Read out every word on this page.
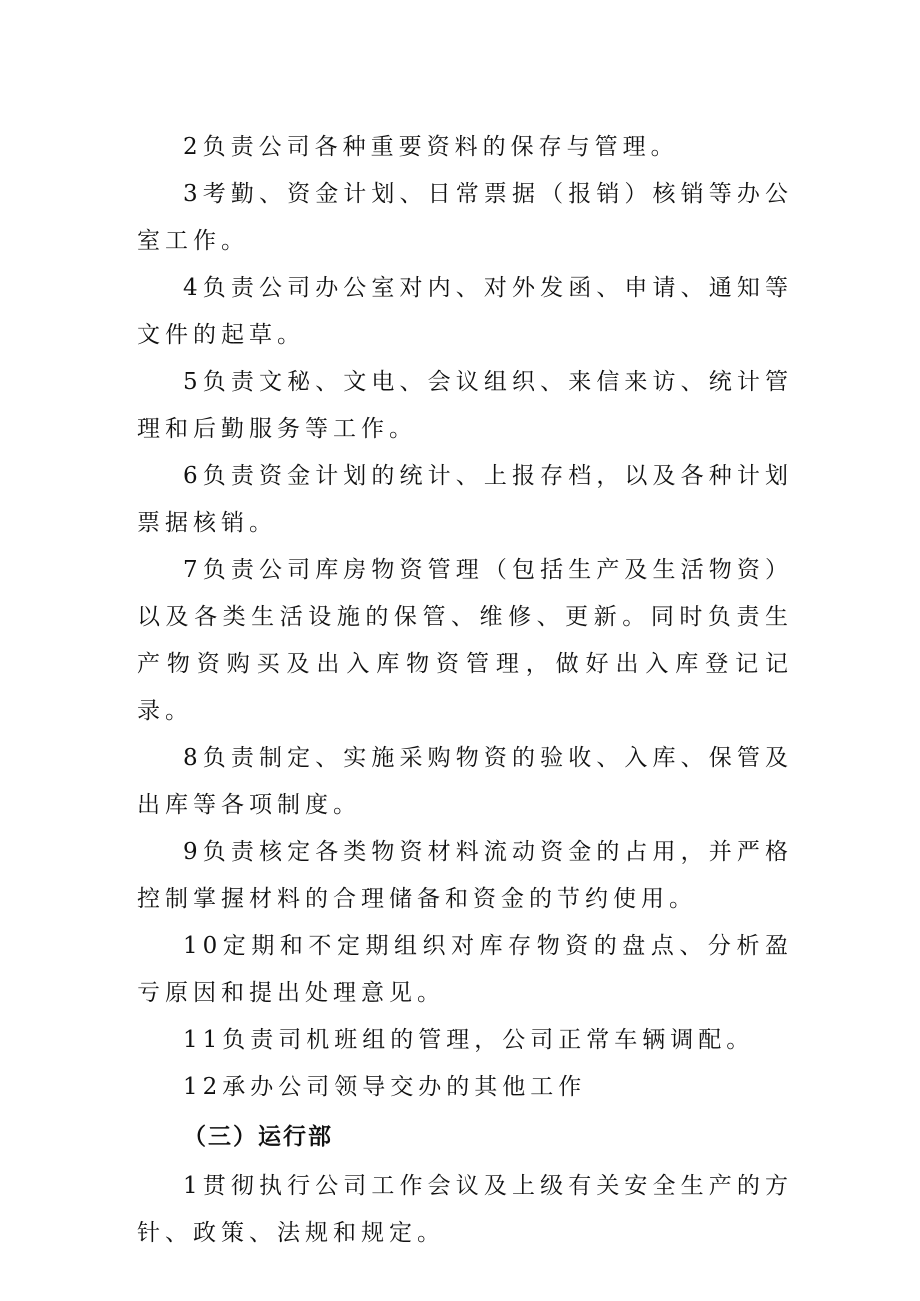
2负责公司各种重要资料的保存与管理。

3考勤、资金计划、日常票据（报销）核销等办公室工作。

4负责公司办公室对内、对外发函、申请、通知等文件的起草。

5负责文秘、文电、会议组织、来信来访、统计管理和后勤服务等工作。

6负责资金计划的统计、上报存档，以及各种计划票据核销。

7负责公司库房物资管理（包括生产及生活物资）以及各类生活设施的保管、维修、更新。同时负责生产物资购买及出入库物资管理，做好出入库登记记录。

8负责制定、实施采购物资的验收、入库、保管及出库等各项制度。

9负责核定各类物资材料流动资金的占用，并严格控制掌握材料的合理储备和资金的节约使用。

10定期和不定期组织对库存物资的盘点、分析盈亏原因和提出处理意见。

11负责司机班组的管理，公司正常车辆调配。

12承办公司领导交办的其他工作

（三）运行部

1贯彻执行公司工作会议及上级有关安全生产的方针、政策、法规和规定。
